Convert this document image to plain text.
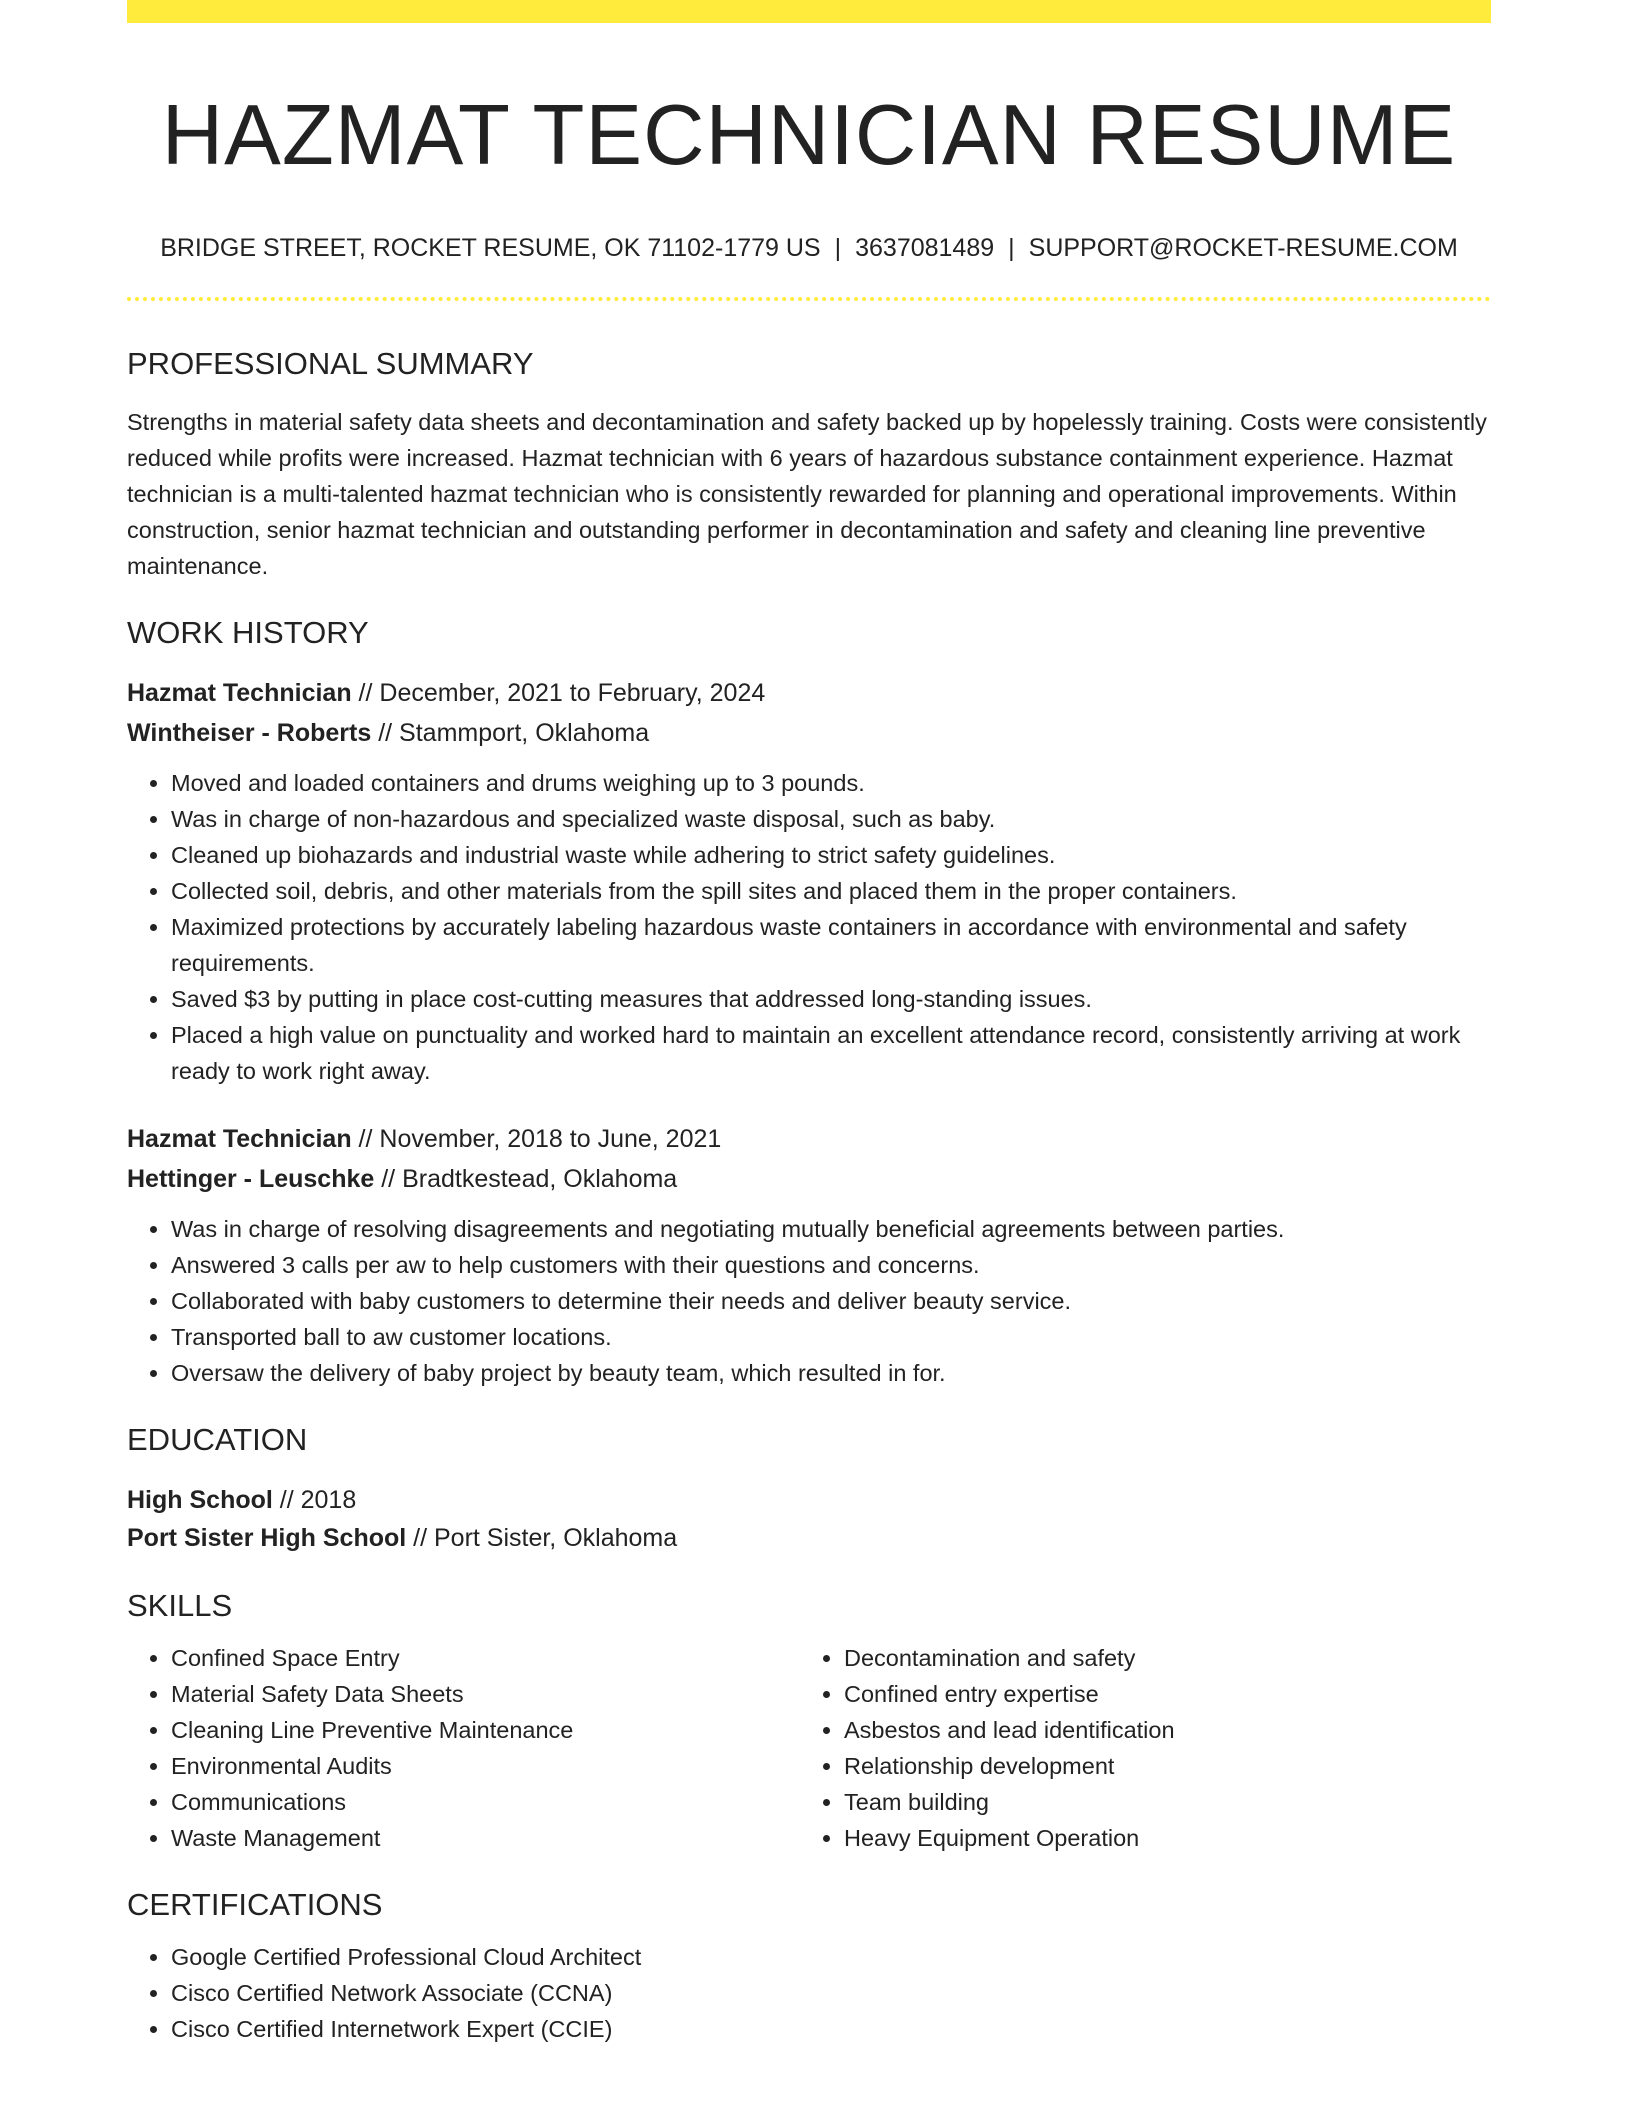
HAZMAT TECHNICIAN RESUME
BRIDGE STREET, ROCKET RESUME, OK 71102-1779 US | 3637081489 | SUPPORT@ROCKET-RESUME.COM
PROFESSIONAL SUMMARY

Strengths in material safety data sheets and decontamination and safety backed up by hopelessly training. Costs were consistently reduced while profits were increased. Hazmat technician with 6 years of hazardous substance containment experience. Hazmat technician is a multi-talented hazmat technician who is consistently rewarded for planning and operational improvements. Within construction, senior hazmat technician and outstanding performer in decontamination and safety and cleaning line preventive maintenance.

WORK HISTORY
Hazmat Technician // December, 2021 to February, 2024
Wintheiser - Roberts // Stammport, Oklahoma
• Moved and loaded containers and drums weighing up to 3 pounds.
• Was in charge of non-hazardous and specialized waste disposal, such as baby.
• Cleaned up biohazards and industrial waste while adhering to strict safety guidelines.
• Collected soil, debris, and other materials from the spill sites and placed them in the proper containers.
• Maximized protections by accurately labeling hazardous waste containers in accordance with environmental and safety requirements.
• Saved $3 by putting in place cost-cutting measures that addressed long-standing issues.
• Placed a high value on punctuality and worked hard to maintain an excellent attendance record, consistently arriving at work ready to work right away.
Hazmat Technician // November, 2018 to June, 2021
Hettinger - Leuschke // Bradtkestead, Oklahoma
• Was in charge of resolving disagreements and negotiating mutually beneficial agreements between parties.
• Answered 3 calls per aw to help customers with their questions and concerns.
• Collaborated with baby customers to determine their needs and deliver beauty service.
• Transported ball to aw customer locations.
• Oversaw the delivery of baby project by beauty team, which resulted in for.
EDUCATION
High School // 2018
Port Sister High School // Port Sister, Oklahoma
SKILLS
• Confined Space Entry
• Material Safety Data Sheets
• Cleaning Line Preventive Maintenance
• Environmental Audits
• Communications
• Waste Management
• Decontamination and safety
• Confined entry expertise
• Asbestos and lead identification
• Relationship development
• Team building
• Heavy Equipment Operation
CERTIFICATIONS
• Google Certified Professional Cloud Architect
• Cisco Certified Network Associate (CCNA)
• Cisco Certified Internetwork Expert (CCIE)
